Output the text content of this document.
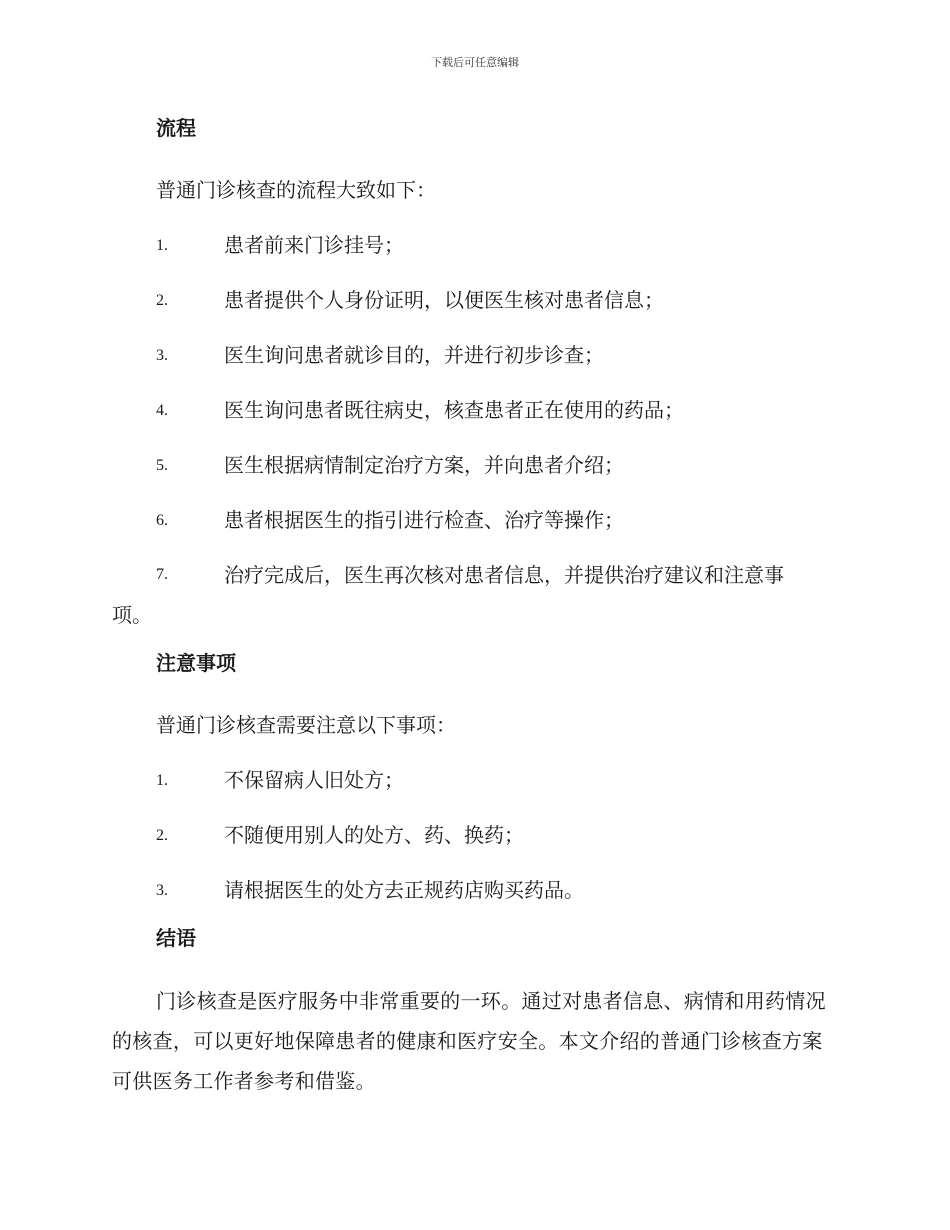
下载后可任意编辑
流程
普通门诊核查的流程大致如下：
1.	患者前来门诊挂号；
2.	患者提供个人身份证明，以便医生核对患者信息；
3.	医生询问患者就诊目的，并进行初步诊查；
4.	医生询问患者既往病史，核查患者正在使用的药品；
5.	医生根据病情制定治疗方案，并向患者介绍；
6.	患者根据医生的指引进行检查、治疗等操作；
7.	治疗完成后，医生再次核对患者信息，并提供治疗建议和注意事
项。
注意事项
普通门诊核查需要注意以下事项：
1.	不保留病人旧处方；
2.	不随便用别人的处方、药、换药；
3.	请根据医生的处方去正规药店购买药品。
结语
门诊核查是医疗服务中非常重要的一环。通过对患者信息、病情和用药情况的核查，可以更好地保障患者的健康和医疗安全。本文介绍的普通门诊核查方案可供医务工作者参考和借鉴。
